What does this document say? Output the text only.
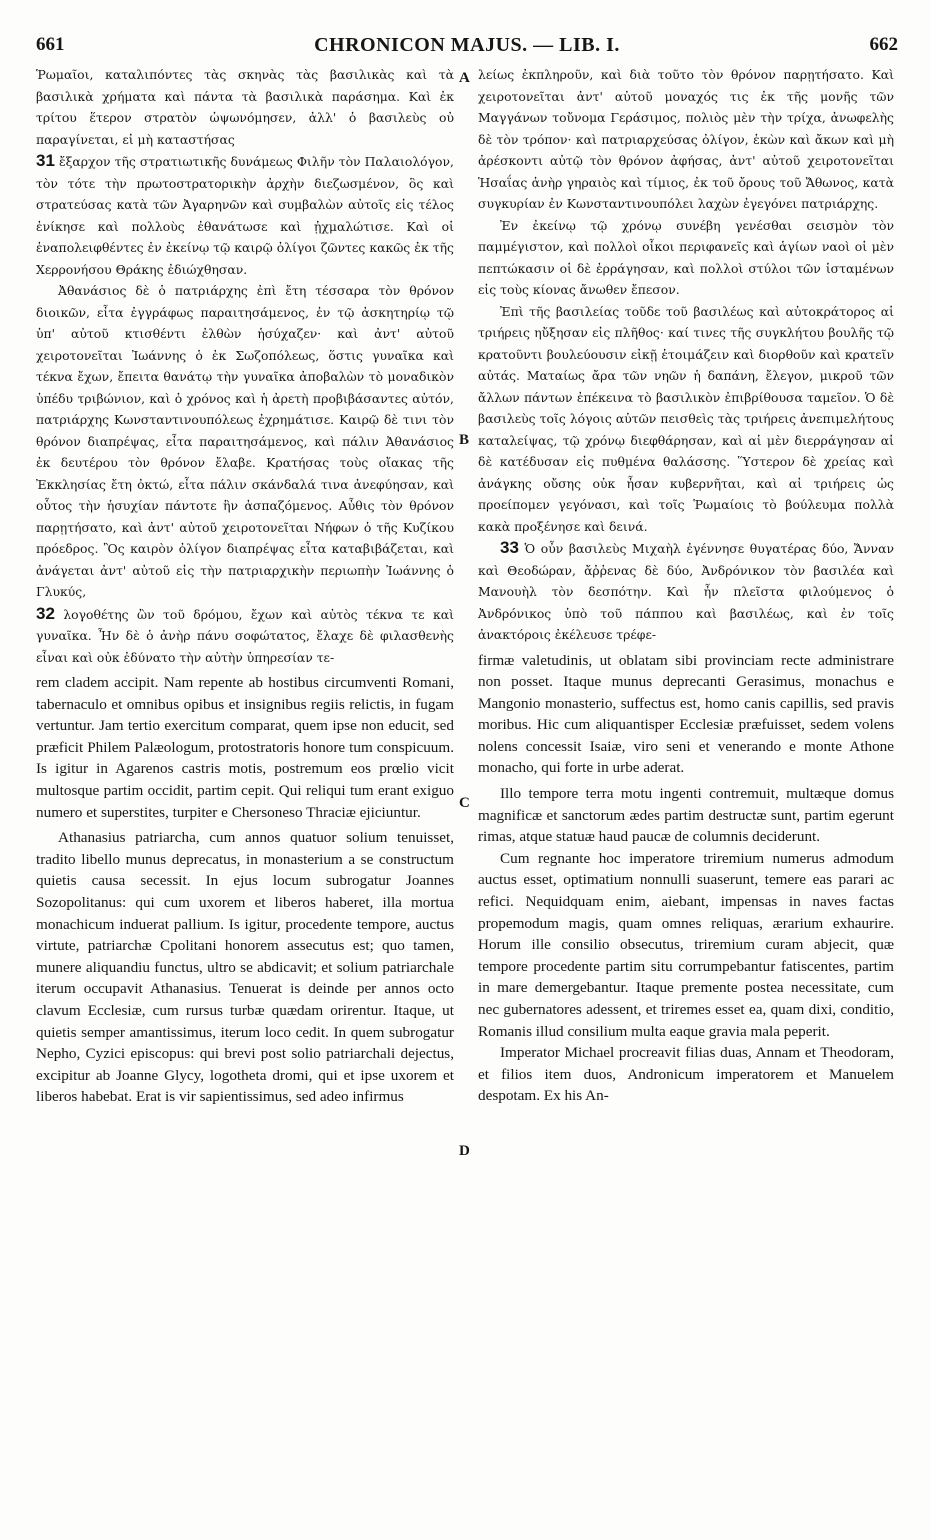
661	CHRONICON MAJUS. — LIB. I.	662
A
B
C
D

Ῥωμαῖοι, καταλιπόντες τὰς σκηνὰς τὰς βασιλικὰς καὶ τὰ βασιλικὰ χρήματα καὶ πάντα τὰ βασιλικὰ παράσημα. Καὶ ἐκ τρίτου ἕτερον στρατὸν ὠψωνόμησεν, ἀλλ' ὁ βασιλεὺς οὐ παραγίνεται, εἰ μὴ καταστήσας

31 ἔξαρχον τῆς στρατιωτικῆς δυνάμεως Φιλῆν τὸν Παλαιολόγον, τὸν τότε τὴν πρωτοστρατορικὴν ἀρχὴν διεζωσμένον, ὃς καὶ στρατεύσας κατὰ τῶν Ἀγαρηνῶν καὶ συμβαλὼν αὐτοῖς εἰς τέλος ἐνίκησε καὶ πολλοὺς ἐθανάτωσε καὶ ᾐχμαλώτισε. Καὶ οἱ ἐναπολειφθέντες ἐν ἐκείνῳ τῷ καιρῷ ὀλίγοι ζῶντες κακῶς ἐκ τῆς Χερρονήσου Θράκης ἐδιώχθησαν.

Ἀθανάσιος δὲ ὁ πατριάρχης ἐπὶ ἔτη τέσσαρα τὸν θρόνον διοικῶν, εἶτα ἐγγράφως παραιτησάμενος, ἐν τῷ ἀσκητηρίῳ τῷ ὑπ' αὐτοῦ κτισθέντι ἐλθὼν ἡσύχαζεν· καὶ ἀντ' αὐτοῦ χειροτονεῖται Ἰωάννης ὁ ἐκ Σωζοπόλεως, ὅστις γυναῖκα καὶ τέκνα ἔχων, ἔπειτα θανάτῳ τὴν γυναῖκα ἀποβαλὼν τὸ μοναδικὸν ὑπέδυ τριβώνιον, καὶ ὁ χρόνος καὶ ἡ ἀρετὴ προβιβάσαντες αὐτόν, πατριάρχης Κωνσταντινουπόλεως ἐχρημάτισε. Καιρῷ δὲ τινι τὸν θρόνον διαπρέψας, εἶτα παραιτησάμενος, καὶ πάλιν Ἀθανάσιος ἐκ δευτέρου τὸν θρόνον ἔλαβε. Κρατήσας τοὺς οἴακας τῆς Ἐκκλησίας ἔτη ὀκτώ, εἶτα πάλιν σκάνδαλά τινα ἀνεφύησαν, καὶ οὗτος τὴν ἡσυχίαν πάντοτε ἣν ἀσπαζόμενος. Αὖθις τὸν θρόνον παρῃτήσατο, καὶ ἀντ' αὐτοῦ χειροτονεῖται Νήφων ὁ τῆς Κυζίκου πρόεδρος. Ὃς καιρὸν ὀλίγον διαπρέψας εἶτα καταβιβάζεται, καὶ ἀνάγεται ἀντ' αὐτοῦ εἰς τὴν πατριαρχικὴν περιωπὴν Ἰωάννης ὁ Γλυκύς,

32 λογοθέτης ὢν τοῦ δρόμου, ἔχων καὶ αὐτὸς τέκνα τε καὶ γυναῖκα. Ἦν δὲ ὁ ἀνὴρ πάνυ σοφώτατος, ἔλαχε δὲ φιλασθενὴς εἶναι καὶ οὐκ ἐδύνατο τὴν αὐτὴν ὑπηρεσίαν τε-

rem cladem accipit. Nam repente ab hostibus circumventi Romani, tabernaculo et omnibus opibus et insignibus regiis relictis, in fugam vertuntur. Jam tertio exercitum comparat, quem ipse non educit, sed præficit Philem Palæologum, protostratoris honore tum conspicuum. Is igitur in Agarenos castris motis, postremum eos prœlio vicit multosque partim occidit, partim cepit. Qui reliqui tum erant exiguo numero et superstites, turpiter e Chersoneso Thraciæ ejiciuntur.

Athanasius patriarcha, cum annos quatuor solium tenuisset, tradito libello munus deprecatus, in monasterium a se constructum quietis causa secessit. In ejus locum subrogatur Joannes Sozopolitanus: qui cum uxorem et liberos haberet, illa mortua monachicum induerat pallium. Is igitur, procedente tempore, auctus virtute, patriarchæ Cpolitani honorem assecutus est; quo tamen, munere aliquandiu functus, ultro se abdicavit; et solium patriarchale iterum occupavit Athanasius. Tenuerat is deinde per annos octo clavum Ecclesiæ, cum rursus turbæ quædam orirentur. Itaque, ut quietis semper amantissimus, iterum loco cedit. In quem subrogatur Nepho, Cyzici episcopus: qui brevi post solio patriarchali dejectus, excipitur ab Joanne Glycy, logotheta dromi, qui et ipse uxorem et liberos habebat. Erat is vir sapientissimus, sed adeo infirmus

λείως ἐκπληροῦν, καὶ διὰ τοῦτο τὸν θρόνον παρῃτήσατο. Καὶ χειροτονεῖται ἀντ' αὐτοῦ μοναχός τις ἐκ τῆς μονῆς τῶν Μαγγάνων τοὔνομα Γεράσιμος, πολιὸς μὲν τὴν τρίχα, ἀνωφελὴς δὲ τὸν τρόπον· καὶ πατριαρχεύσας ὀλίγον, ἑκὼν καὶ ἄκων καὶ μὴ ἀρέσκοντι αὐτῷ τὸν θρόνον ἀφήσας, ἀντ' αὐτοῦ χειροτονεῖται Ἡσαΐας ἀνὴρ γηραιὸς καὶ τίμιος, ἐκ τοῦ ὄρους τοῦ Ἄθωνος, κατὰ συγκυρίαν ἐν Κωνσταντινουπόλει λαχὼν ἐγεγόνει πατριάρχης.

Ἐν ἐκείνῳ τῷ χρόνῳ συνέβη γενέσθαι σεισμὸν τὸν παμμέγιστον, καὶ πολλοὶ οἶκοι περιφανεῖς καὶ ἁγίων ναοὶ οἱ μὲν πεπτώκασιν οἱ δὲ ἐρράγησαν, καὶ πολλοὶ στύλοι τῶν ἱσταμένων εἰς τοὺς κίονας ἄνωθεν ἔπεσον.

Ἐπὶ τῆς βασιλείας τοῦδε τοῦ βασιλέως καὶ αὐτοκράτορος αἱ τριήρεις ηὔξησαν εἰς πλῆθος· καί τινες τῆς συγκλήτου βουλῆς τῷ κρατοῦντι βουλεύουσιν εἰκῇ ἑτοιμάζειν καὶ διορθοῦν καὶ κρατεῖν αὐτάς. Ματαίως ἄρα τῶν νηῶν ἡ δαπάνη, ἔλεγον, μικροῦ τῶν ἄλλων πάντων ἐπέκεινα τὸ βασιλικὸν ἐπιβρίθουσα ταμεῖον. Ὁ δὲ βασιλεὺς τοῖς λόγοις αὐτῶν πεισθεὶς τὰς τριήρεις ἀνεπιμελήτους καταλείψας, τῷ χρόνῳ διεφθάρησαν, καὶ αἱ μὲν διερράγησαν αἱ δὲ κατέδυσαν εἰς πυθμένα θαλάσσης. Ὕστερον δὲ χρείας καὶ ἀνάγκης οὔσης οὐκ ἦσαν κυβερνῆται, καὶ αἱ τριήρεις ὡς προείπομεν γεγόνασι, καὶ τοῖς Ῥωμαίοις τὸ βούλευμα πολλὰ κακὰ προξένησε καὶ δεινά.

33 Ὁ οὖν βασιλεὺς Μιχαὴλ ἐγέννησε θυγατέρας δύο, Ἄνναν καὶ Θεοδώραν, ἄῤῥενας δὲ δύο, Ἀνδρόνικον τὸν βασιλέα καὶ Μανουὴλ τὸν δεσπότην. Καὶ ἦν πλεῖστα φιλούμενος ὁ Ἀνδρόνικος ὑπὸ τοῦ πάππου καὶ βασιλέως, καὶ ἐν τοῖς ἀνακτόροις ἐκέλευσε τρέφε-

firmæ valetudinis, ut oblatam sibi provinciam recte administrare non posset. Itaque munus deprecanti Gerasimus, monachus e Mangonio monasterio, suffectus est, homo canis capillis, sed pravis moribus. Hic cum aliquantisper Ecclesiæ præfuisset, sedem volens nolens concessit Isaiæ, viro seni et venerando e monte Athone monacho, qui forte in urbe aderat.

Illo tempore terra motu ingenti contremuit, multæque domus magnificæ et sanctorum ædes partim destructæ sunt, partim egerunt rimas, atque statuæ haud paucæ de columnis deciderunt.

Cum regnante hoc imperatore triremium numerus admodum auctus esset, optimatium nonnulli suaserunt, temere eas parari ac refici. Nequidquam enim, aiebant, impensas in naves factas propemodum magis, quam omnes reliquas, ærarium exhaurire. Horum ille consilio obsecutus, triremium curam abjecit, quæ tempore procedente partim situ corrumpebantur fatiscentes, partim in mare demergebantur. Itaque premente postea necessitate, cum nec gubernatores adessent, et triremes esset ea, quam dixi, conditio, Romanis illud consilium multa eaque gravia mala peperit.

Imperator Michael procreavit filias duas, Annam et Theodoram, et filios item duos, Andronicum imperatorem et Manuelem despotam. Ex his An-
